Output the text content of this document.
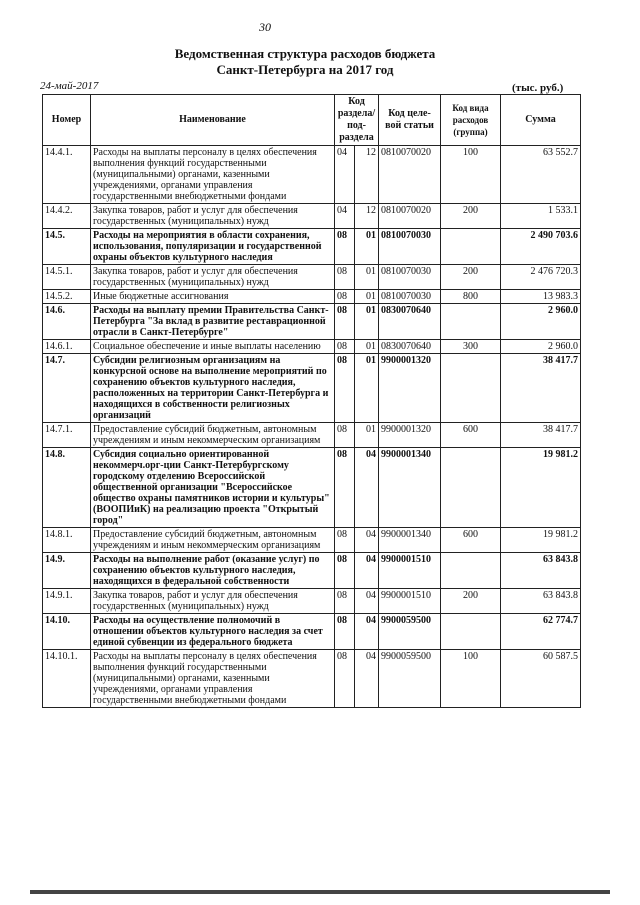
30
Ведомственная структура расходов бюджета
Санкт-Петербурга на 2017 год
24-май-2017	(тыс. руб.)
Номер	Наименование	Код раздела/ под- раздела		Код целе- вой статьи	Код вида расходов (группа)	Сумма
14.4.1.	Расходы на выплаты персоналу в целях обеспечения выполнения функций государственными (муниципальными) органами, казенными учреждениями, органами управления государственными внебюджетными фондами	04	12	0810070020	100	63 552.7
14.4.2.	Закупка товаров, работ и услуг для обеспечения государственных (муниципальных) нужд	04	12	0810070020	200	1 533.1
14.5.	Расходы на мероприятия в области сохранения, использования, популяризации и государственной охраны объектов культурного наследия	08	01	0810070030		2 490 703.6
14.5.1.	Закупка товаров, работ и услуг для обеспечения государственных (муниципальных) нужд	08	01	0810070030	200	2 476 720.3
14.5.2.	Иные бюджетные ассигнования	08	01	0810070030	800	13 983.3
14.6.	Расходы на выплату премии Правительства Санкт-Петербурга "За вклад в развитие реставрационной отрасли в Санкт-Петербурге"	08	01	0830070640		2 960.0
14.6.1.	Социальное обеспечение и иные выплаты населению	08	01	0830070640	300	2 960.0
14.7.	Субсидии религиозным организациям на конкурсной основе на выполнение мероприятий по сохранению объектов культурного наследия, расположенных на территории Санкт-Петербурга и находящихся в собственности религиозных организаций	08	01	9900001320		38 417.7
14.7.1.	Предоставление субсидий бюджетным, автономным учреждениям и иным некоммерческим организациям	08	01	9900001320	600	38 417.7
14.8.	Субсидия социально ориентированной некоммерч.орг-ции Санкт-Петербургскому городскому отделению Всероссийской общественной организации "Всероссийское общество охраны памятников истории и культуры" (ВООПИиК) на реализацию проекта "Открытый город"	08	04	9900001340		19 981.2
14.8.1.	Предоставление субсидий бюджетным, автономным учреждениям и иным некоммерческим организациям	08	04	9900001340	600	19 981.2
14.9.	Расходы на выполнение работ (оказание услуг) по сохранению объектов культурного наследия, находящихся в федеральной собственности	08	04	9900001510		63 843.8
14.9.1.	Закупка товаров, работ и услуг для обеспечения государственных (муниципальных) нужд	08	04	9900001510	200	63 843.8
14.10.	Расходы на осуществление полномочий в отношении объектов культурного наследия за счет единой субвенции из федерального бюджета	08	04	9900059500		62 774.7
14.10.1.	Расходы на выплаты персоналу в целях обеспечения выполнения функций государственными (муниципальными) органами, казенными учреждениями, органами управления государственными внебюджетными фондами	08	04	9900059500	100	60 587.5
